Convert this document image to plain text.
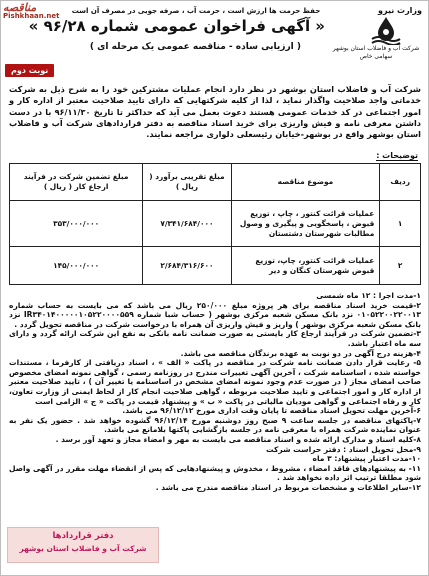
مناقصه
Pishkhaan.net
حفظ حرمت ها ارزش است ، حرمت آب ، صرفه جویی در مصرف آن است	وزارت نیرو
شرکت آب و فاضلاب استان بوشهر
سهامی خاص
« آگهی فراخوان عمومی شماره ۹۶/۲۸ »
( ارزیابی ساده - مناقصه عمومی یک مرحله ای )
نوبت دوم
شرکت آب و فاضلاب استان بوشهر در نظر دارد انجام عملیات مشترکین خود را به شرح ذیل به شرکت خدماتی واجد صلاحیت واگذار نماید ، لذا از کلیه شرکتهایی که دارای تایید صلاحیت معتبر از اداره کار و امور اجتماعی در کد خدمات عمومی هستند دعوت بعمل می آید که حداکثر تا تاریخ ۹۶/۱۱/۳۰ با در دست داشتن معرفی نامه و فیش واریزی برای خرید اسناد مناقصه به دفتر قراردادهای شرکت آب و فاضلاب استان بوشهر واقع در بوشهر-خیابان رئیسعلی دلواری مراجعه نمایند.
توضیحات :
ردیف	موضوع مناقصه	مبلغ تقریبی برآورد ( ریال )	مبلغ تضمین شرکت در فرآیند ارجاع کار ( ریال )
۱	عملیات قرائت کنتور ، چاپ ، توزیع قبوض ، پاسخگویی و پیگیری و وصول مطالبات شهرستان دشتستان	۷/۳۴۱/۶۸۴/۰۰۰	۳۵۳/۰۰۰/۰۰۰
۲	عملیات قرائت کنتور، چاپ، توزیع قبوض شهرستان کنگان و دیر	۲/۶۸۴/۳۱۶/۶۰۰	۱۴۵/۰۰۰/۰۰۰
۱-مدت اجرا : ۱۲ ماه شمسی
۲-قیمت خرید اسناد مناقصه برای هر پروژه مبلغ ۲۵۰/۰۰۰ ریال می باشد که می بایست به حساب شماره ۰۱۰۵۲۲۰۰۲۲۰۰۱۳ نزد بانک مسکن شعبه مرکزی بوشهر ( حساب شبا شماره IR۳۴۰۱۴۰۰۰۰۰۱۰۵۲۲۰۰۰۰۵۵۹ نزد بانک مسکن شعبه مرکزی بوشهر ) واریز و فیش واریزی آن همراه با درخواست شرکت در مناقصه تحویل گردد .
۳-تضمین شرکت در فرآیند ارجاع کار بایستی به صورت ضمانت نامه بانکی به نفع این شرکت ارائه گردد و دارای سه ماه اعتبار باشد.
۴-هزینه درج آگهی در دو نوبت به عهده برندگان مناقصه می باشد.
۵- رعایت قرار دادن ضمانت نامه شرکت در مناقصه در پاکت « الف » ، اسناد دریافتی از کارفرما ، مستندات خواسته شده ، اساسنامه شرکت ، آخرین آگهی تغییرات مندرج در روزنامه رسمی ، گواهی نمونه امضای مخصوص صاحب امضای مجاز ( در صورت عدم وجود نمونه امضای مشخص در اساسنامه یا تغییر آن ) ، تایید صلاحیت معتبر از اداره کار و امور اجتماعی و تایید صلاحیت مربوطه ، گواهی صلاحیت انجام کار از لحاظ ایمنی از وزارت تعاون، کار و رفاه اجتماعی و گواهی مودیان مالیاتی در پاکت « ب » و پیشنهاد قیمت در پاکت « ج » الزامی است
۶-آخرین مهلت تحویل اسناد مناقصه تا پایان وقت اداری مورخ ۹۶/۱۲/۱۲ می باشد.
۷-پاکتهای مناقصه در جلسه ساعت ۹ صبح روز دوشنبه مورخ ۹۶/۱۲/۱۴ گشوده خواهد شد . حضور یک نفر به عنوان نماینده شرکت همراه با معرفی نامه در جلسه بازگشایی پاکتها بلامانع می باشد.
۸-کلیه اسناد و مدارک ارائه شده و اسناد مناقصه می بایست به مهر و امضاء مجاز و تعهد آور برسد .
۹-محل تحویل اسناد : دفتر حراست شرکت
۱۰-مدت اعتبار پیشنهاد: ۳ ماه
۱۱- به پیشنهادهای فاقد امضاء ، مشروط ، مخدوش و پیشنهادهایی که پس از انقضاء مهلت مقرر در آگهی واصل شود مطلقا ترتیب اثر داده نخواهد شد .
۱۲-سایر اطلاعات و مشخصات مربوط در اسناد مناقصه مندرج می باشد .
دفتر قراردادها
شرکت آب و فاضلاب استان بوشهر
